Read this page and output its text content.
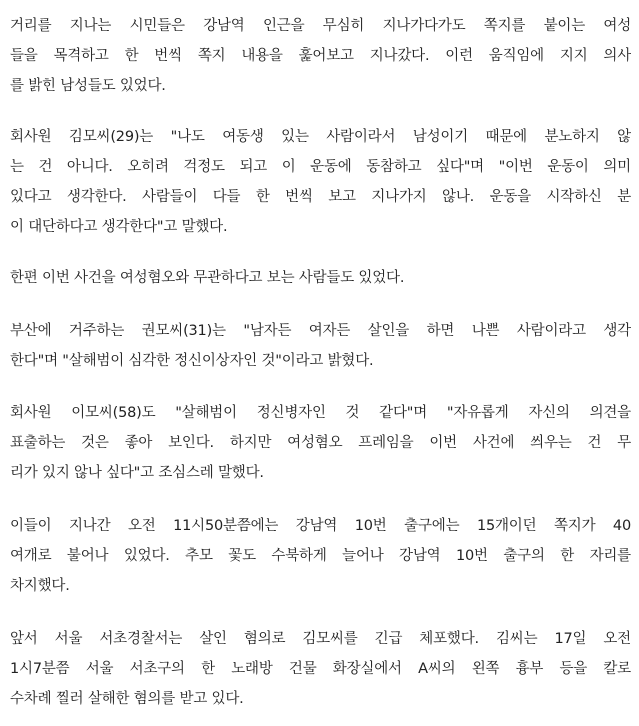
거리를 지나는 시민들은 강남역 인근을 무심히 지나가다가도 쪽지를 붙이는 여성
들을 목격하고 한 번씩 쪽지 내용을 훑어보고 지나갔다. 이런 움직임에 지지 의사
를 밝힌 남성들도 있었다.
회사원 김모씨(29)는 "나도 여동생 있는 사람이라서 남성이기 때문에 분노하지 않
는 건 아니다. 오히려 걱정도 되고 이 운동에 동참하고 싶다"며 "이번 운동이 의미
있다고 생각한다. 사람들이 다들 한 번씩 보고 지나가지 않나. 운동을 시작하신 분
이 대단하다고 생각한다"고 말했다.
한편 이번 사건을 여성혐오와 무관하다고 보는 사람들도 있었다.
부산에 거주하는 권모씨(31)는 "남자든 여자든 살인을 하면 나쁜 사람이라고 생각
한다"며 "살해범이 심각한 정신이상자인 것"이라고 밝혔다.
회사원 이모씨(58)도 "살해범이 정신병자인 것 같다"며 "자유롭게 자신의 의견을
표출하는 것은 좋아 보인다. 하지만 여성혐오 프레임을 이번 사건에 씌우는 건 무
리가 있지 않나 싶다"고 조심스레 말했다.
이들이 지나간 오전 11시50분쯤에는 강남역 10번 출구에는 15개이던 쪽지가 40
여개로 불어나 있었다. 추모 꽃도 수북하게 늘어나 강남역 10번 출구의 한 자리를
차지했다.
앞서 서울 서초경찰서는 살인 혐의로 김모씨를 긴급 체포했다. 김씨는 17일 오전
1시7분쯤 서울 서초구의 한 노래방 건물 화장실에서 A씨의 왼쪽 흉부 등을 칼로
수차례 찔러 살해한 혐의를 받고 있다.
